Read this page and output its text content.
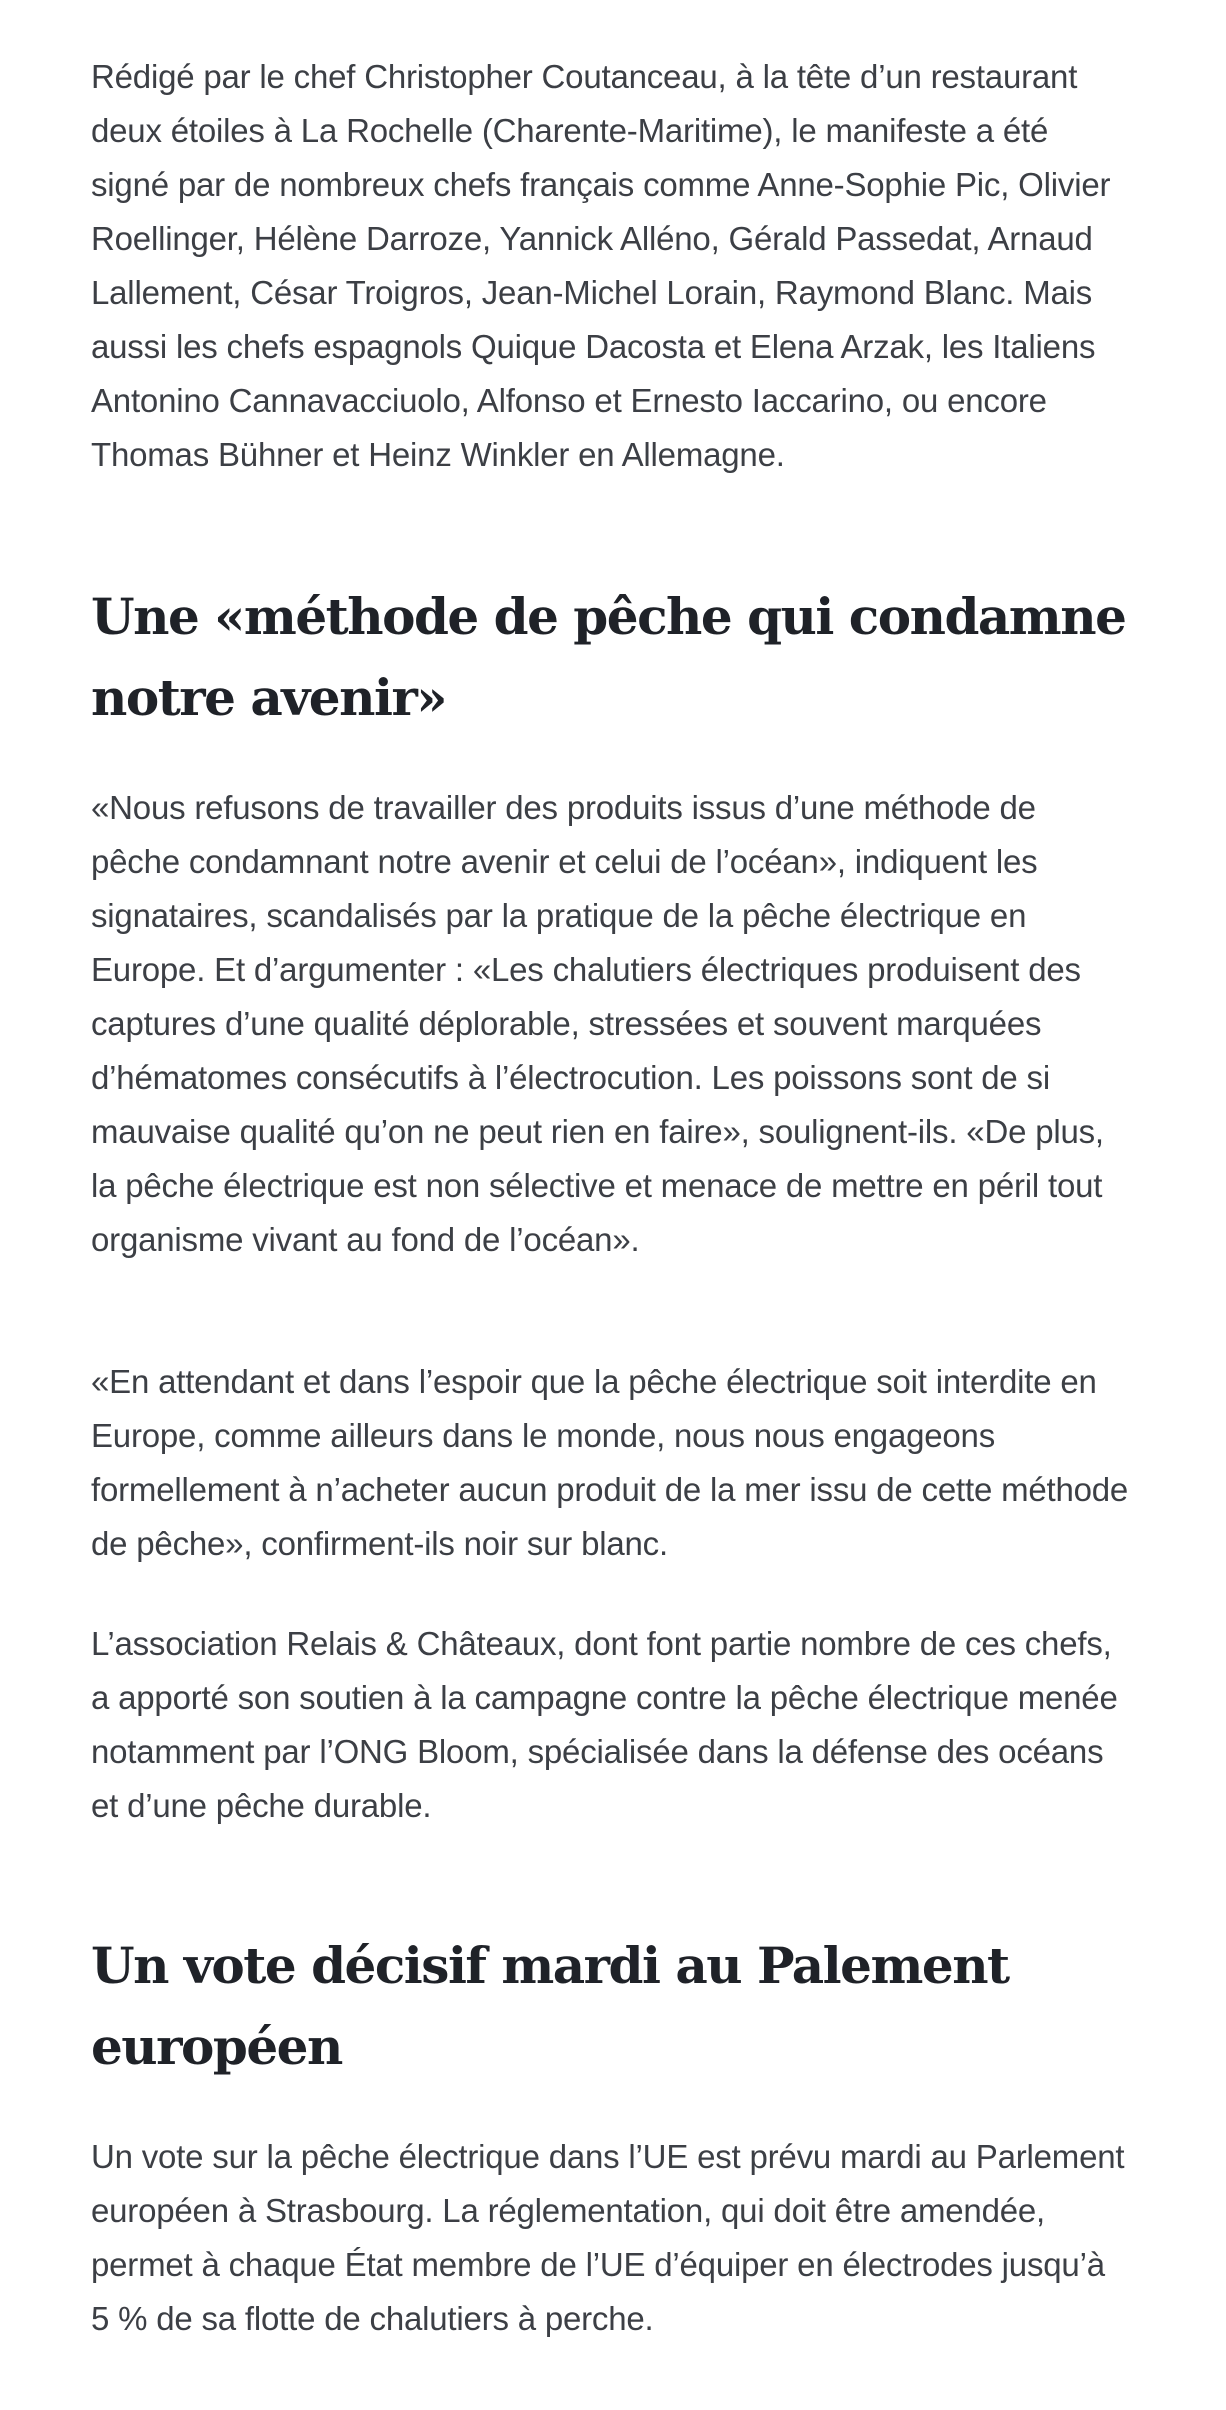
Rédigé par le chef Christopher Coutanceau, à la tête d’un restaurant deux étoiles à La Rochelle (Charente-Maritime), le manifeste a été signé par de nombreux chefs français comme Anne-Sophie Pic, Olivier Roellinger, Hélène Darroze, Yannick Alléno, Gérald Passedat, Arnaud Lallement, César Troigros, Jean-Michel Lorain, Raymond Blanc. Mais aussi les chefs espagnols Quique Dacosta et Elena Arzak, les Italiens Antonino Cannavacciuolo, Alfonso et Ernesto Iaccarino, ou encore Thomas Bühner et Heinz Winkler en Allemagne.

Une «méthode de pêche qui condamne notre avenir»

«Nous refusons de travailler des produits issus d’une méthode de pêche condamnant notre avenir et celui de l’océan», indiquent les signataires, scandalisés par la pratique de la pêche électrique en Europe. Et d’argumenter : «Les chalutiers électriques produisent des captures d’une qualité déplorable, stressées et souvent marquées d’hématomes consécutifs à l’électrocution. Les poissons sont de si mauvaise qualité qu’on ne peut rien en faire», soulignent-ils. «De plus, la pêche électrique est non sélective et menace de mettre en péril tout organisme vivant au fond de l’océan».

«En attendant et dans l’espoir que la pêche électrique soit interdite en Europe, comme ailleurs dans le monde, nous nous engageons formellement à n’acheter aucun produit de la mer issu de cette méthode de pêche», confirment-ils noir sur blanc.

L’association Relais & Châteaux, dont font partie nombre de ces chefs, a apporté son soutien à la campagne contre la pêche électrique menée notamment par l’ONG Bloom, spécialisée dans la défense des océans et d’une pêche durable.

Un vote décisif mardi au Palement européen

Un vote sur la pêche électrique dans l’UE est prévu mardi au Parlement européen à Strasbourg. La réglementation, qui doit être amendée, permet à chaque État membre de l’UE d’équiper en électrodes jusqu’à 5 % de sa flotte de chalutiers à perche.
